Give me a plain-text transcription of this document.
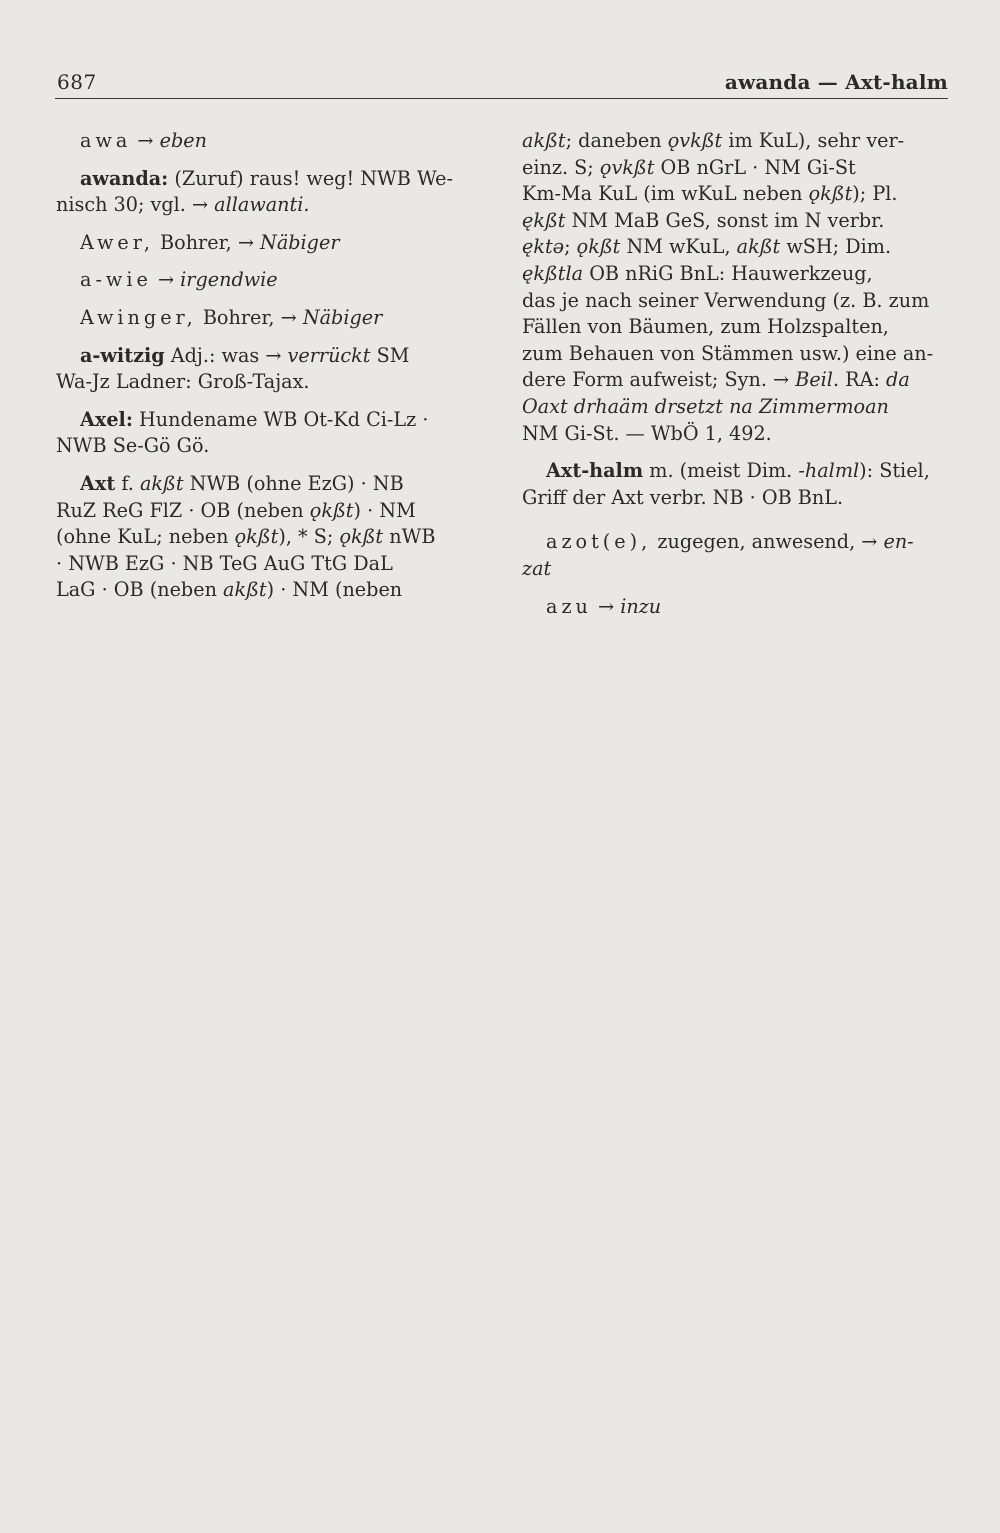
687	awanda — Axt-halm
awa → eben

awanda: (Zuruf) raus! weg! NWB We-

nisch 30; vgl. → allawanti.

Awer, Bohrer, → Näbiger
a-wie → irgendwie
Awinger, Bohrer, → Näbiger

a-witzig Adj.: was → verrückt SM

Wa-Jz Ladner: Groß-Tajax.

Axel: Hundename WB Ot-Kd Ci-Lz ·

NWB Se-Gö Gö.

Axt f. akßt NWB (ohne EzG) · NB

RuZ ReG FlZ · OB (neben ǫkßt) · NM

(ohne KuL; neben ǫkßt), * S; ǫkßt nWB

· NWB EzG · NB TeG AuG TtG DaL

LaG · OB (neben akßt) · NM (neben

akßt; daneben ǫvkßt im KuL), sehr ver-

einz. S; ǫvkßt OB nGrL · NM Gi-St

Km-Ma KuL (im wKuL neben ǫkßt); Pl.

ękßt NM MaB GeS, sonst im N verbr.

ęktə; ǫkßt NM wKuL, akßt wSH; Dim.

ękßtla OB nRiG BnL: Hauwerkzeug,

das je nach seiner Verwendung (z. B. zum

Fällen von Bäumen, zum Holzspalten,

zum Behauen von Stämmen usw.) eine an-

dere Form aufweist; Syn. → Beil. RA: da

Oaxt drhaäm drsetzt na Zimmermoan

NM Gi-St. — WbÖ 1, 492.

Axt-halm m. (meist Dim. -halml): Stiel,

Griff der Axt verbr. NB · OB BnL.

azot(e), zugegen, anwesend, → en-

zat

azu → inzu
